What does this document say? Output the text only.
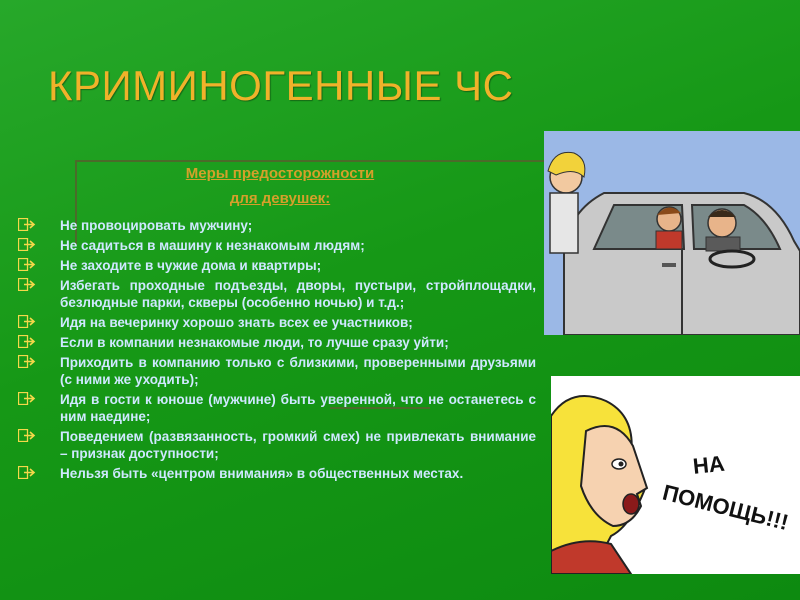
КРИМИНОГЕННЫЕ ЧС
Меры предосторожности
для девушек:
Не провоцировать мужчину;
Не садиться в машину к незнакомым людям;
Не заходите в чужие дома и квартиры;
Избегать проходные подъезды, дворы, пустыри, стройплощадки, безлюдные парки, скверы (особенно ночью) и т.д.;
Идя на вечеринку хорошо знать всех ее участников;
Если в компании незнакомые люди, то лучше сразу уйти;
Приходить в компанию только с близкими, проверенными друзьями (с ними же уходить);
Идя в гости к юноше (мужчине) быть уверенной, что не останетесь с ним наедине;
Поведением (развязанность, громкий смех) не привлекать внимание – признак доступности;
Нельзя быть «центром внимания» в общественных местах.	НА
ПОМОЩЬ!!!
